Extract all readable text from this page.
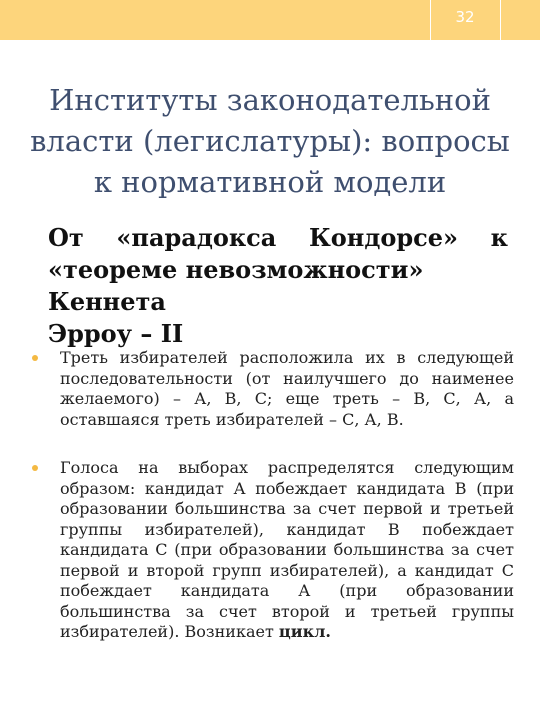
32
Институты законодательной
власти (легислатуры): вопросы
к нормативной модели
От «парадокса Кондорсе» к
«теореме невозможности» Кеннета
Эрроу – II
Треть избирателей расположила их в следующей последовательности (от наилучшего до наименее желаемого) – А, В, С; еще треть – В, С, А, а оставшаяся треть избирателей – С, А, В.
Голоса на выборах распределятся следующим образом: кандидат А побеждает кандидата В (при образовании большинства за счет первой и третьей группы избирателей), кандидат В побеждает кандидата С (при образовании большинства за счет первой и второй групп избирателей), а кандидат С побеждает кандидата А (при образовании большинства за счет второй и третьей группы избирателей). Возникает цикл.
